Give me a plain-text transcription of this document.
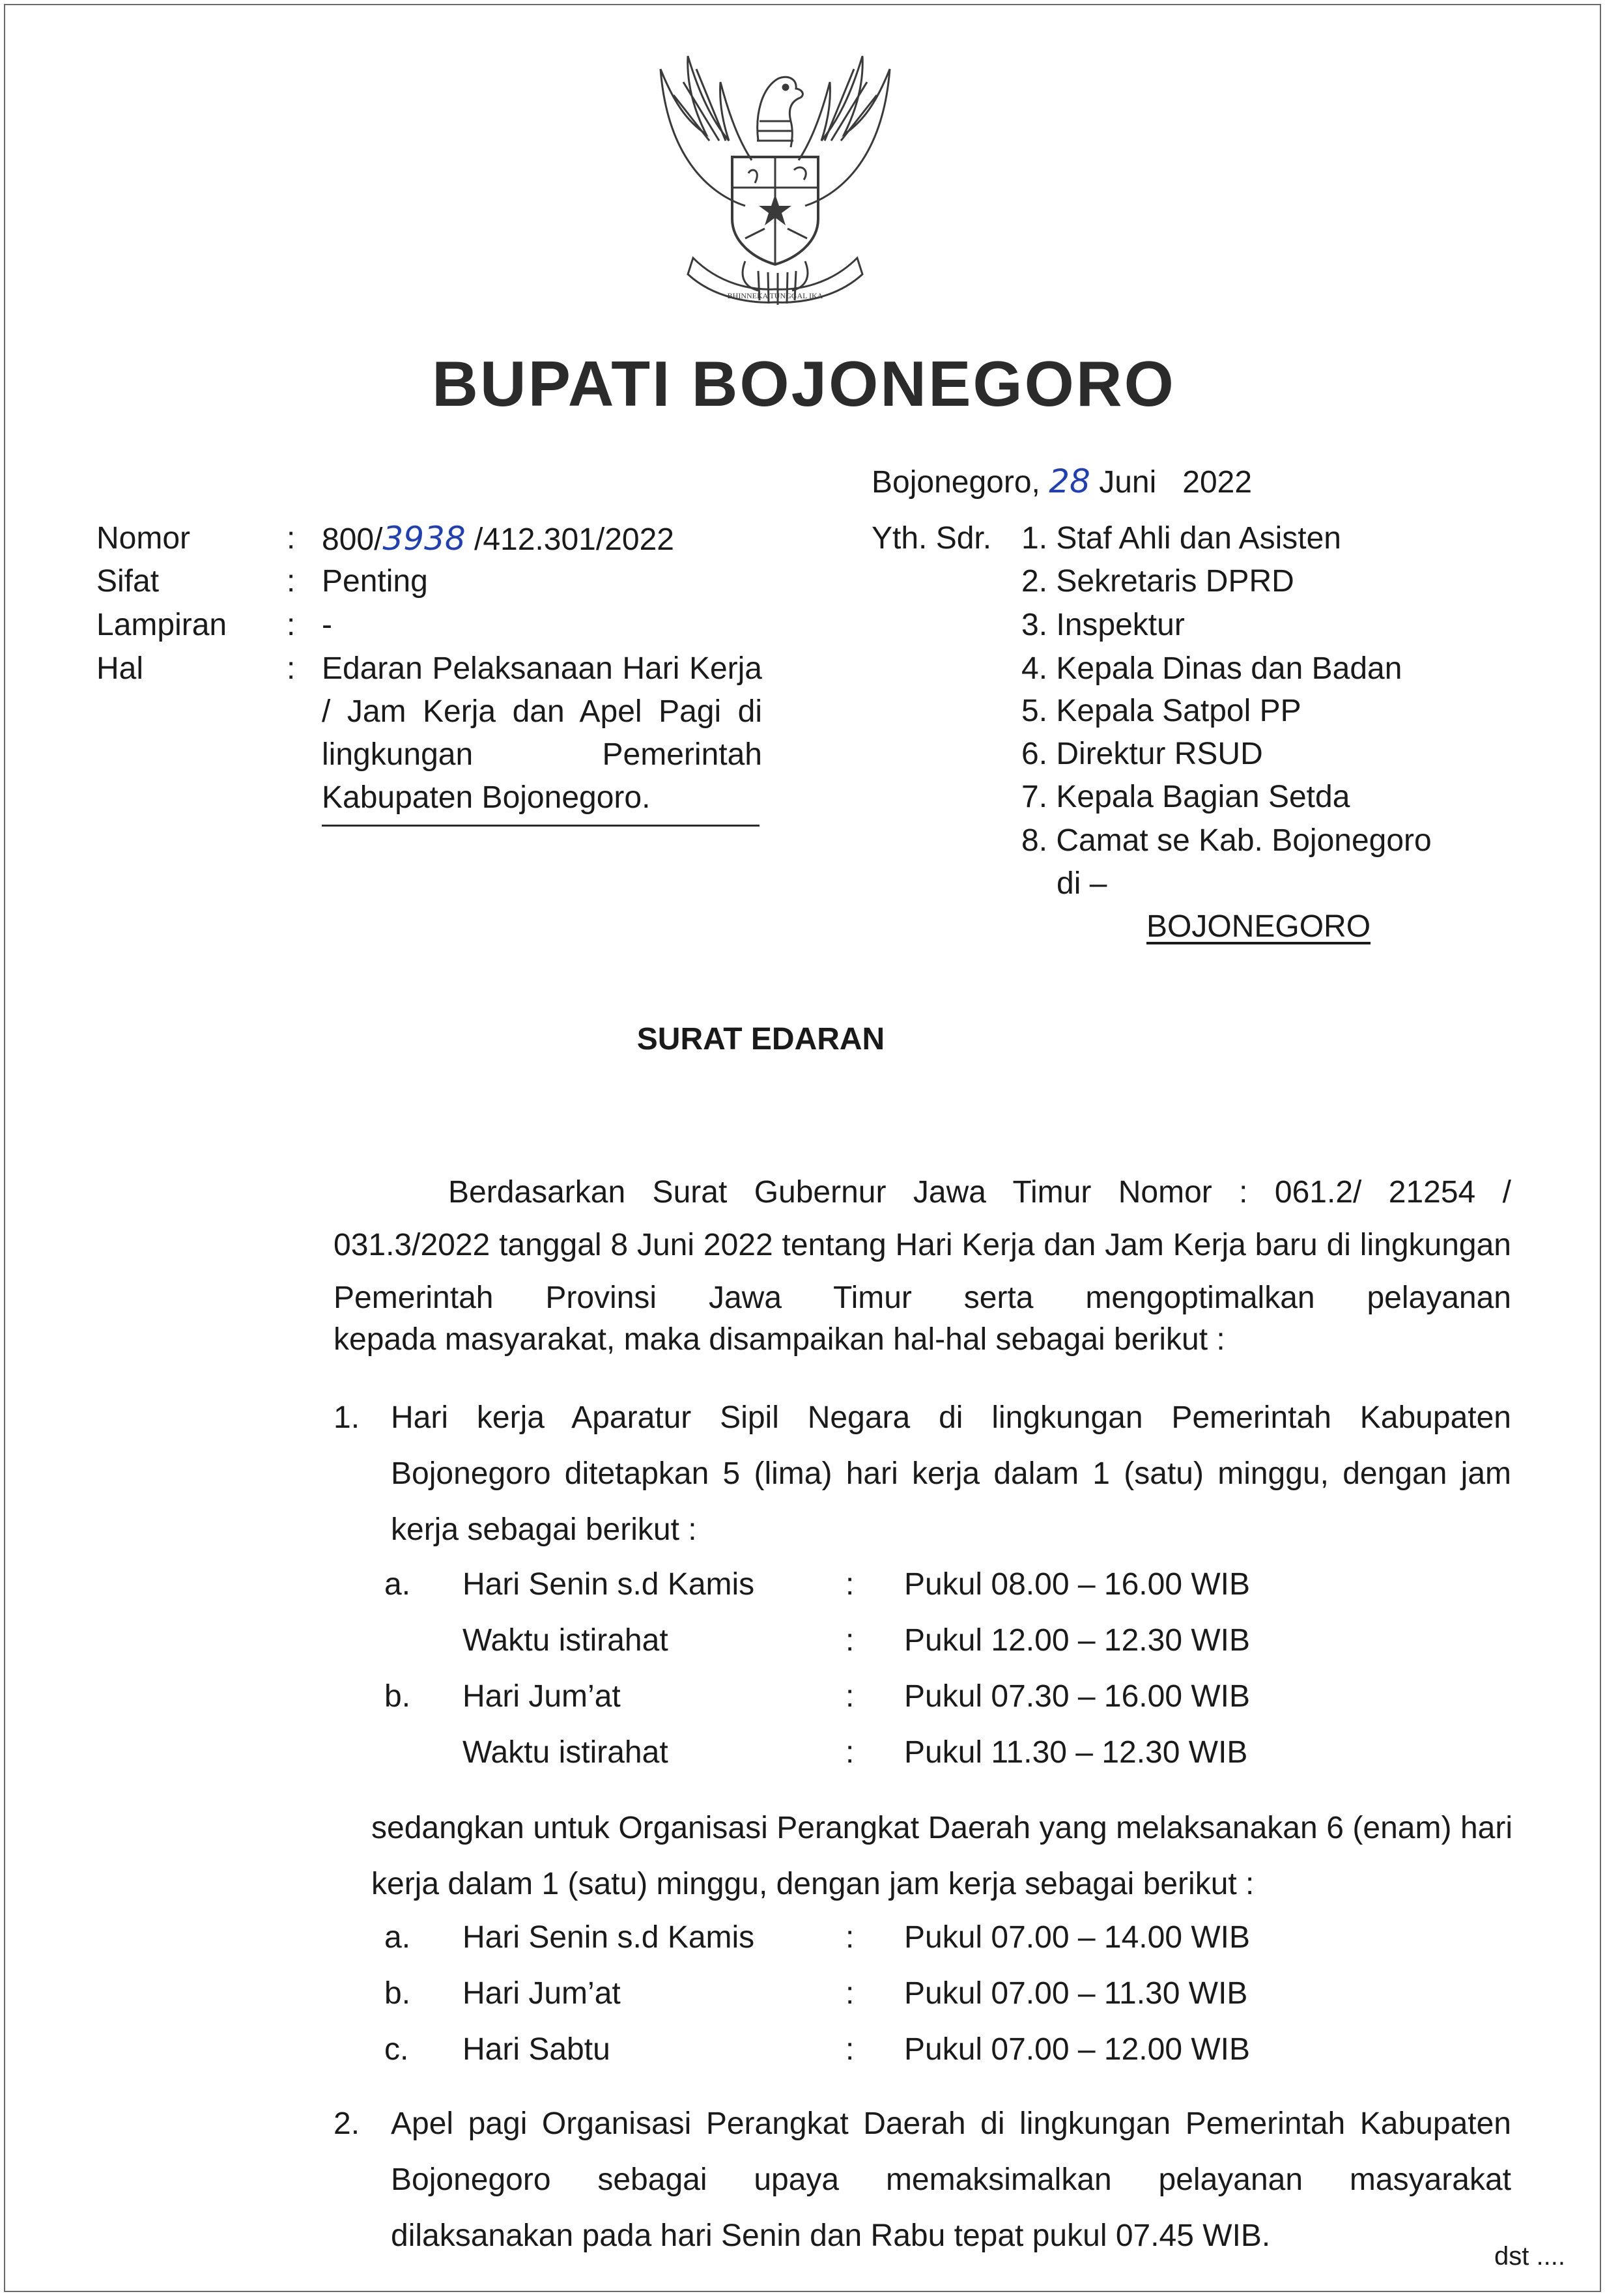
BHINNEKA TUNGGAL IKA
BUPATI BOJONEGORO
Bojonegoro, 28 Juni   2022
Nomor	: 800/3938 /412.301/2022
Sifat	: Penting
Lampiran : -
Hal	: Edaran Pelaksanaan Hari Kerja / Jam Kerja dan Apel Pagi di lingkungan Pemerintah Kabupaten Bojonegoro.
Yth. Sdr. 1. Staf Ahli dan Asisten
2. Sekretaris DPRD
3. Inspektur
4. Kepala Dinas dan Badan
5. Kepala Satpol PP
6. Direktur RSUD
7. Kepala Bagian Setda
8. Camat se Kab. Bojonegoro
di –
BOJONEGORO
SURAT EDARAN
Berdasarkan Surat Gubernur Jawa Timur Nomor : 061.2/ 21254 / 031.3/2022 tanggal 8 Juni 2022 tentang Hari Kerja dan Jam Kerja baru di lingkungan Pemerintah Provinsi Jawa Timur serta mengoptimalkan pelayanan
kepada masyarakat, maka disampaikan hal-hal sebagai berikut :
1. Hari kerja Aparatur Sipil Negara di lingkungan Pemerintah Kabupaten Bojonegoro ditetapkan 5 (lima) hari kerja dalam 1 (satu) minggu, dengan jam kerja sebagai berikut :
a. Hari Senin s.d Kamis	: Pukul 08.00 – 16.00 WIB
Waktu istirahat	: Pukul 12.00 – 12.30 WIB
b. Hari Jum’at	: Pukul 07.30 – 16.00 WIB
Waktu istirahat	: Pukul 11.30 – 12.30 WIB
sedangkan untuk Organisasi Perangkat Daerah yang melaksanakan 6 (enam) hari kerja dalam 1 (satu) minggu, dengan jam kerja sebagai berikut :
a. Hari Senin s.d Kamis	: Pukul 07.00 – 14.00 WIB
b. Hari Jum’at	: Pukul 07.00 – 11.30 WIB
c. Hari Sabtu	: Pukul 07.00 – 12.00 WIB
2. Apel pagi Organisasi Perangkat Daerah di lingkungan Pemerintah Kabupaten Bojonegoro sebagai upaya memaksimalkan pelayanan masyarakat dilaksanakan pada hari Senin dan Rabu tepat pukul 07.45 WIB.
dst ....
